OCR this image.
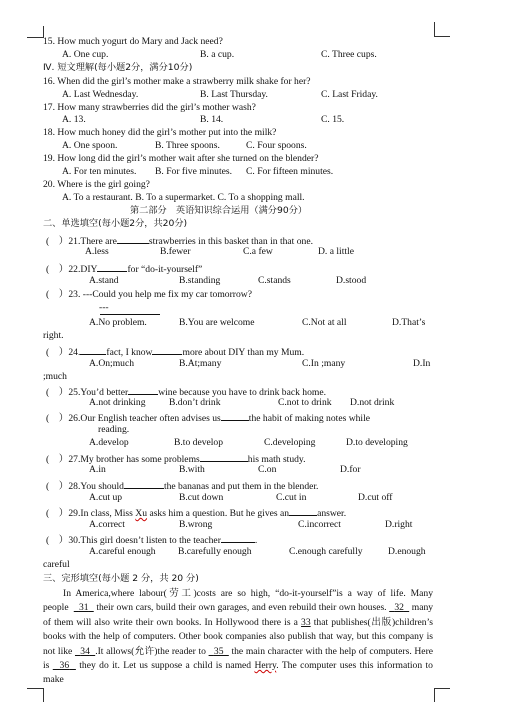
15. How much yogurt do Mary and Jack need?
A. One cup.	B. a cup.	C. Three cups.
Ⅳ. 短文理解(每小题2分，满分10分)
16. When did the girl’s mother make a strawberry milk shake for her?
A. Last Wednesday.	B. Last Thursday.	C. Last Friday.
17. How many strawberries did the girl’s mother wash?
A. 13.	B. 14.	C. 15.
18. How much honey did the girl’s mother put into the milk?
A. One spoon.	B. Three spoons.	C. Four spoons.
19. How long did the girl’s mother wait after she turned on the blender?
A. For ten minutes. B. For five minutes. C. For fifteen minutes.
20. Where is the girl going?
A. To a restaurant. B. To a supermarket. C. To a shopping mall.
第二部分　英语知识综合运用（满分90分）
二、单选填空(每小题2分，共20分)
( ）21.There are	strawberries in this basket than in that one.
A.less	B.fewer	C.a few	D. a little
( ）22.DIY	for “do-it-yourself”
A.stand	B.standing	C.stands	D.stood
( ）23. ---Could you help me fix my car tomorrow?
---
A.No problem.	B.You are welcome	C.Not at all	D.That’s
right.
( ）24.	fact, I know	more about DIY than my Mum.
A.On;much	B.At;many	C.In ;many	D.In
;much
( ）25.You’d better	wine because you have to drink back home.
A.not drinking B.don’t drink	C.not to drink D.not drink
( ）26.Our English teacher often advises us	the habit of making notes while
reading.
A.develop	B.to develop	C.developing	D.to developing
( ）27.My brother has some problems	his math study.
A.in	B.with	C.on	D.for
( ）28.You should	the bananas and put them in the blender.
A.cut up	B.cut down	C.cut in	D.cut off
( ）29.In class, Miss Xu asks him a question. But he gives an	answer.
A.correct	B.wrong	C.incorrect	D.right
( ）30.This girl doesn’t listen to the teacher	.
A.careful enough B.carefully enough	C.enough carefully	D.enough
careful
三、完形填空(每小题 2 分，共 20 分)
In America,where labour(劳工)costs are so high, “do-it-yourself”is a way of life. Many people 31 their own cars, build their own garages, and even rebuild their own houses. 32 many of them will also write their own books. In Hollywood there is a 33 that publishes(出版)children’s books with the help of computers. Other book companies also publish that way, but this company is not like 34 .It allows(允许)the reader to 35 the main character with the help of computers. Here is 36 they do it. Let us suppose a child is named Herry. The computer uses this information to make
